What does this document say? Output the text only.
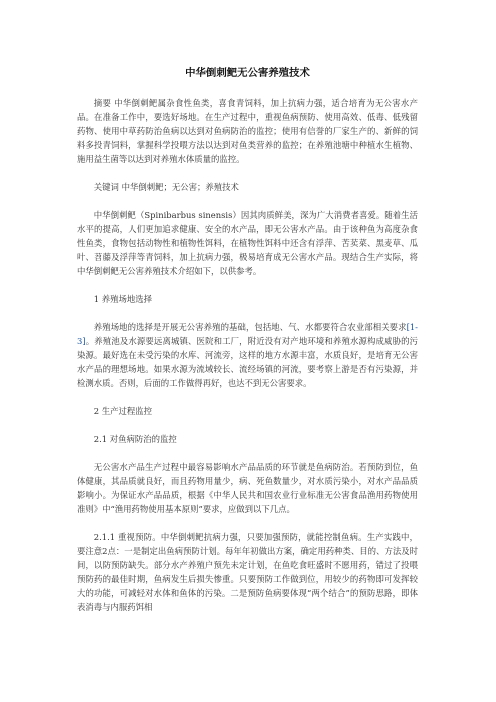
中华倒刺鲃无公害养殖技术

摘要 中华倒刺鲃属杂食性鱼类，喜食青饲料，加上抗病力强，适合培育为无公害水产品。在准备工作中，要选好场地。在生产过程中，重视鱼病预防、使用高效、低毒、低残留药物、使用中草药防治鱼病以达到对鱼病防治的监控；使用有信誉的厂家生产的、新鲜的饲料多投青饲料，掌握科学投喂方法以达到对鱼类营养的监控；在养殖池塘中种植水生植物、施用益生菌等以达到对养殖水体质量的监控。

关键词 中华倒刺鲃；无公害；养殖技术

中华倒刺鲃（Spinibarbus sinensis）因其肉质鲜美，深为广大消费者喜爱。随着生活水平的提高，人们更加追求健康、安全的水产品，即无公害水产品。由于该种鱼为高度杂食性鱼类，食物包括动物性和植物性饵料，在植物性饵料中还含有浮萍、苦荬菜、黑麦草、瓜叶、苕藤及浮萍等青饲料，加上抗病力强，极易培育成无公害水产品。现结合生产实际，将中华倒刺鲃无公害养殖技术介绍如下，以供参考。

1 养殖场地选择

养殖场地的选择是开展无公害养殖的基础，包括地、气、水都要符合农业部相关要求[1-3]。养殖池及水源要远离城镇、医院和工厂，附近没有对产地环境和养殖水源构成威胁的污染源。最好选在未受污染的水库、河流旁，这样的地方水源丰富，水质良好，是培育无公害水产品的理想场地。如果水源为流域较长、流经场镇的河流，要考察上游是否有污染源，并检测水质。否则，后面的工作做得再好，也达不到无公害要求。

2 生产过程监控
2.1 对鱼病防治的监控

无公害水产品生产过程中最容易影响水产品品质的环节就是鱼病防治。若预防到位，鱼体健康，其品质就良好，而且药物用量少，病、死鱼数量少，对水质污染小，对水产品品质影响小。为保证水产品品质，根据《中华人民共和国农业行业标准无公害食品渔用药物使用准则》中“渔用药物使用基本原则”要求，应做到以下几点。

2.1.1 重视预防。中华倒刺鲃抗病力强，只要加强预防，就能控制鱼病。生产实践中，要注意2点：一是制定出鱼病预防计划。每年年初做出方案，确定用药种类、目的、方法及时间，以防预防缺失。部分水产养殖户预先未定计划，在鱼吃食旺盛时不愿用药，错过了投喂预防药的最佳时期，鱼病发生后损失惨重。只要预防工作做到位，用较少的药物即可发挥较大的功能，可减轻对水体和鱼体的污染。二是预防鱼病要体现“两个结合”的预防思路，即体表消毒与内服药饵相
